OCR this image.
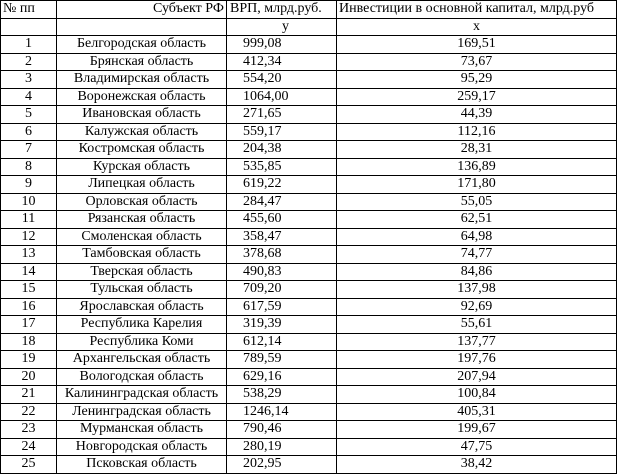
№ пп	Субъект РФ	ВРП, млрд.руб.	Инвестиции в основной капитал, млрд.руб
		y	x
1	Белгородская область	999,08	169,51
2	Брянская область	412,34	73,67
3	Владимирская область	554,20	95,29
4	Воронежская область	1064,00	259,17
5	Ивановская область	271,65	44,39
6	Калужская область	559,17	112,16
7	Костромская область	204,38	28,31
8	Курская область	535,85	136,89
9	Липецкая область	619,22	171,80
10	Орловская область	284,47	55,05
11	Рязанская область	455,60	62,51
12	Смоленская область	358,47	64,98
13	Тамбовская область	378,68	74,77
14	Тверская область	490,83	84,86
15	Тульская область	709,20	137,98
16	Ярославская область	617,59	92,69
17	Республика Карелия	319,39	55,61
18	Республика Коми	612,14	137,77
19	Архангельская область	789,59	197,76
20	Вологодская область	629,16	207,94
21	Калининградская область	538,29	100,84
22	Ленинградская область	1246,14	405,31
23	Мурманская область	790,46	199,67
24	Новгородская область	280,19	47,75
25	Псковская область	202,95	38,42
